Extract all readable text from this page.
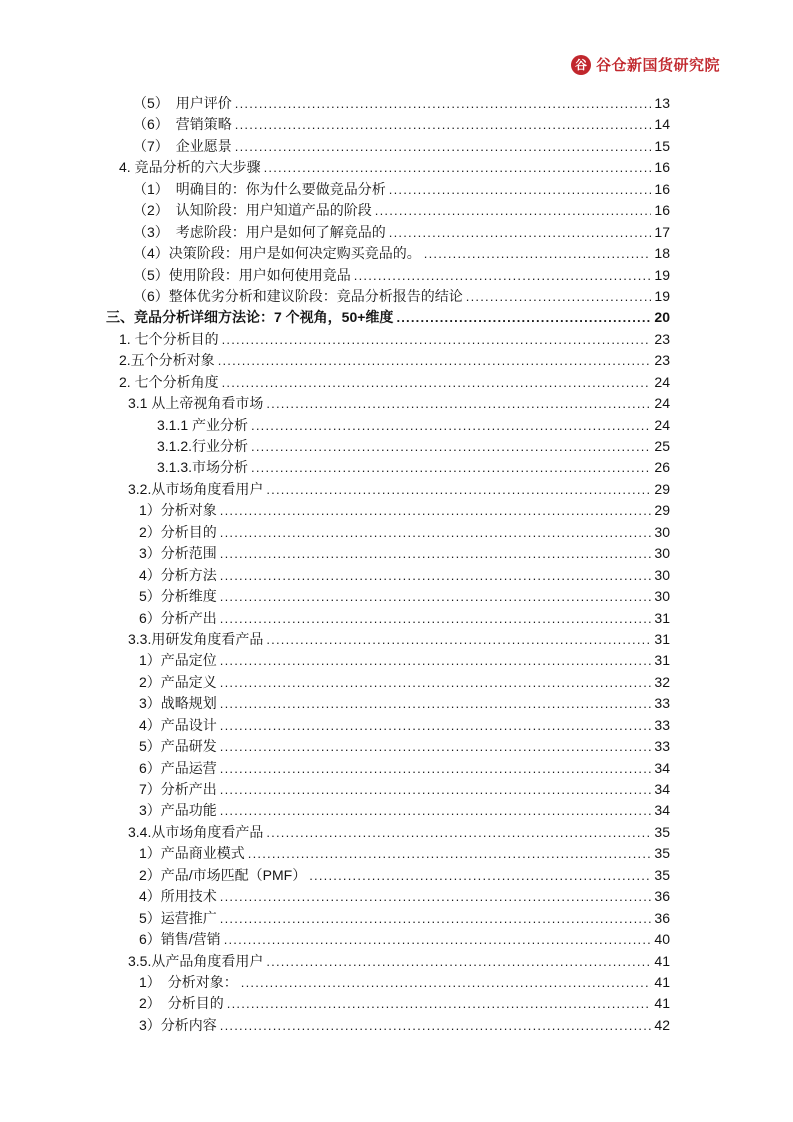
谷 谷仓新国货研究院
（5）　用户评价 .....	13
（6）　营销策略 .....	14
（7）　企业愿景 .....	15
4. 竞品分析的六大步骤 .....	16
（1）　明确目的：你为什么要做竞品分析 .....	16
（2）　认知阶段：用户知道产品的阶段 .....	16
（3）　考虑阶段：用户是如何了解竞品的 .....	17
（4）决策阶段：用户是如何决定购买竞品的。 .....	18
（5）使用阶段：用户如何使用竞品 .....	19
（6）整体优劣分析和建议阶段：竞品分析报告的结论 .....	19
三、竞品分析详细方法论：7 个视角，50+维度 .....	20
1. 七个分析目的 .....	23
2.五个分析对象 .....	23
2. 七个分析角度 .....	24
3.1 从上帝视角看市场 .....	24
3.1.1 产业分析 .....	24
3.1.2.行业分析 .....	25
3.1.3.市场分析 .....	26
3.2.从市场角度看用户 .....	29
1）分析对象 .....	29
2）分析目的 .....	30
3）分析范围 .....	30
4）分析方法 .....	30
5）分析维度 .....	30
6）分析产出 .....	31
3.3.用研发角度看产品 .....	31
1）产品定位 .....	31
2）产品定义 .....	32
3）战略规划 .....	33
4）产品设计 .....	33
5）产品研发 .....	33
6）产品运营 .....	34
7）分析产出 .....	34
3）产品功能 .....	34
3.4.从市场角度看产品 .....	35
1）产品商业模式 .....	35
2）产品/市场匹配（PMF） .....	35
4）所用技术 .....	36
5）运营推广 .....	36
6）销售/营销 .....	40
3.5.从产品角度看用户 .....	41
1）　分析对象： .....	41
2）　分析目的 .....	41
3）分析内容 .....	42
